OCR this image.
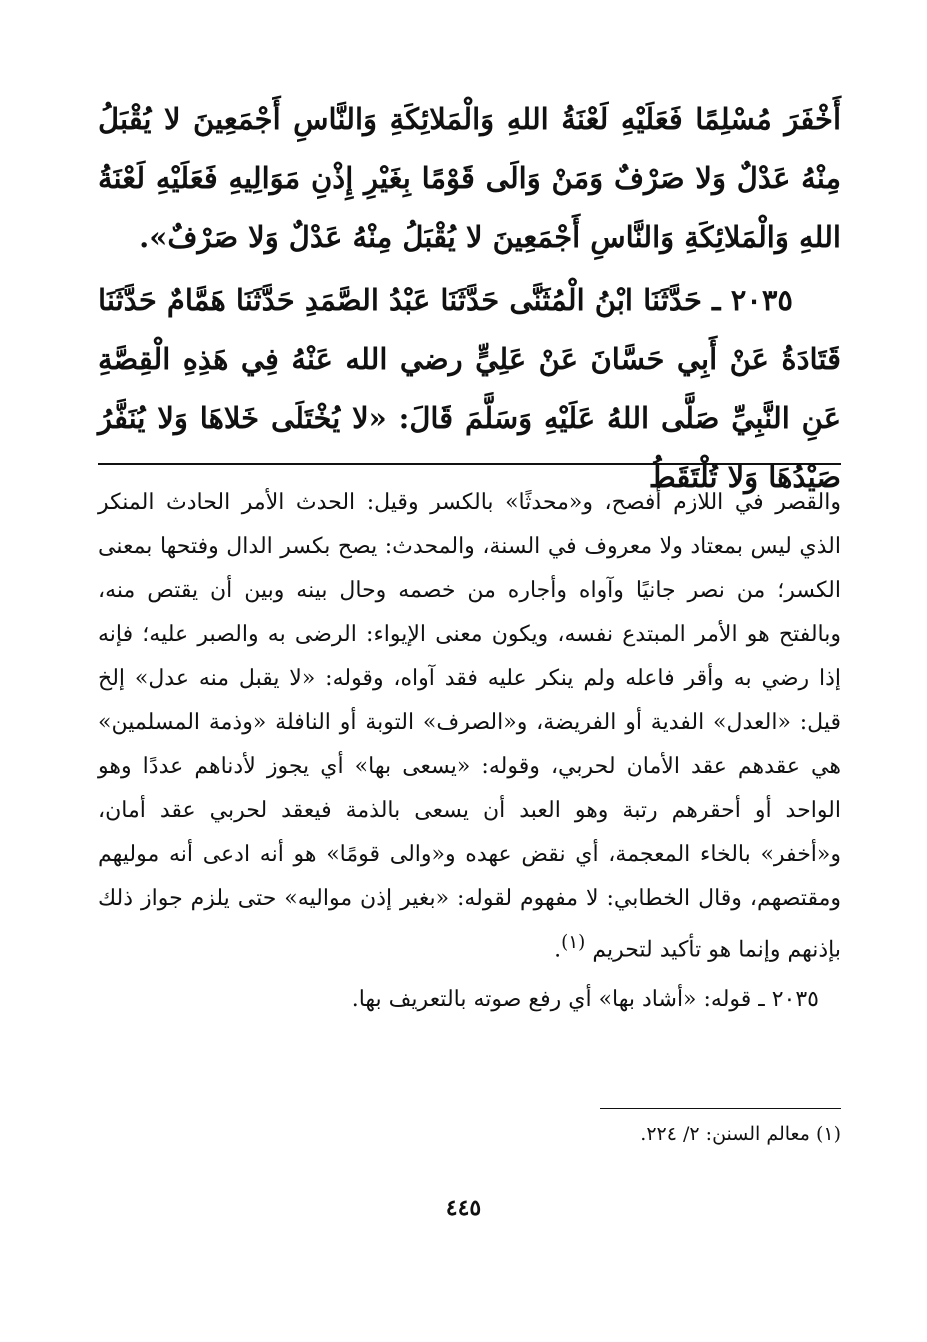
أَخْفَرَ مُسْلِمًا فَعَلَيْهِ لَعْنَةُ اللهِ وَالْمَلائِكَةِ وَالنَّاسِ أَجْمَعِينَ لا يُقْبَلُ مِنْهُ عَدْلٌ وَلا صَرْفٌ وَمَنْ وَالَى قَوْمًا بِغَيْرِ إِذْنِ مَوَالِيهِ فَعَلَيْهِ لَعْنَةُ اللهِ وَالْمَلائِكَةِ وَالنَّاسِ أَجْمَعِينَ لا يُقْبَلُ مِنْهُ عَدْلٌ وَلا صَرْفٌ».

٢٠٣٥ ـ حَدَّثَنَا ابْنُ الْمُثَنَّى حَدَّثَنَا عَبْدُ الصَّمَدِ حَدَّثَنَا هَمَّامٌ حَدَّثَنَا قَتَادَةُ عَنْ أَبِي حَسَّانَ عَنْ عَلِيٍّ رضي الله عَنْهُ فِي هَذِهِ الْقِصَّةِ عَنِ النَّبِيِّ صَلَّى اللهُ عَلَيْهِ وَسَلَّمَ قَالَ: «لا يُخْتَلَى خَلاهَا وَلا يُنَفَّرُ صَيْدُهَا وَلا تُلْتَقَطُ

والقصر في اللازم أفصح، و«محدثًا» بالكسر وقيل: الحدث الأمر الحادث المنكر الذي ليس بمعتاد ولا معروف في السنة، والمحدث: يصح بكسر الدال وفتحها بمعنى الكسر؛ من نصر جانيًا وآواه وأجاره من خصمه وحال بينه وبين أن يقتص منه، وبالفتح هو الأمر المبتدع نفسه، ويكون معنى الإيواء: الرضى به والصبر عليه؛ فإنه إذا رضي به وأقر فاعله ولم ينكر عليه فقد آواه، وقوله: «لا يقبل منه عدل» إلخ قيل: «العدل» الفدية أو الفريضة، و«الصرف» التوبة أو النافلة «وذمة المسلمين» هي عقدهم عقد الأمان لحربي، وقوله: «يسعى بها» أي يجوز لأدناهم عددًا وهو الواحد أو أحقرهم رتبة وهو العبد أن يسعى بالذمة فيعقد لحربي عقد أمان، و«أخفر» بالخاء المعجمة، أي نقض عهده و«والى قومًا» هو أنه ادعى أنه موليهم ومقتصهم، وقال الخطابي: لا مفهوم لقوله: «بغير إذن مواليه» حتى يلزم جواز ذلك بإذنهم وإنما هو تأكيد لتحريم $^{(١)}$.

٢٠٣٥ ـ قوله: «أشاد بها» أي رفع صوته بالتعريف بها.

(١) معالم السنن: ٢/ ٢٢٤.
٤٤٥
